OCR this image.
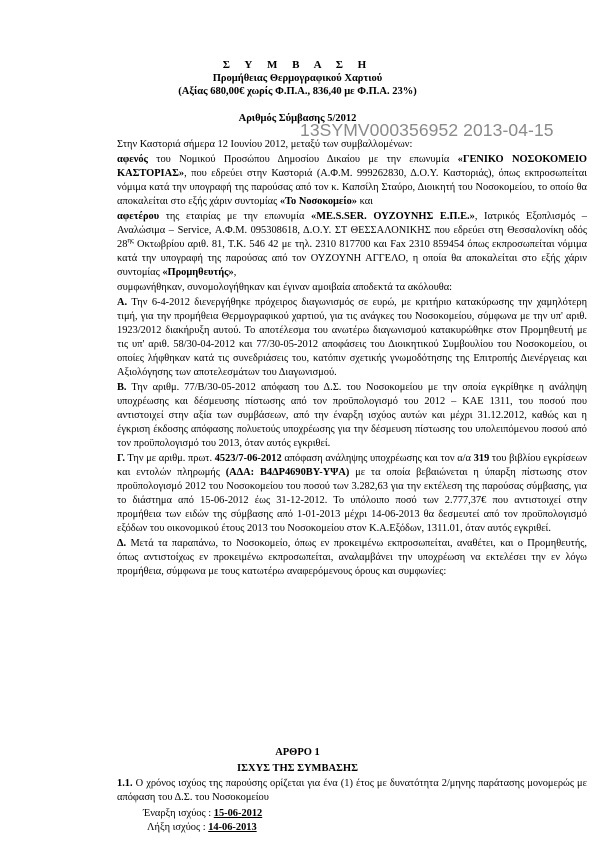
13SYMV000356952 2013-04-15
Σ Υ Μ Β Α Σ Η
Προμήθειας Θερμογραφικού Χαρτιού
(Αξίας 680,00€ χωρίς Φ.Π.Α., 836,40 με Φ.Π.Α. 23%)
Αριθμός Σύμβασης 5/2012

Στην Καστοριά σήμερα 12 Ιουνίου 2012, μεταξύ των συμβαλλομένων:

αφενός του Νομικού Προσώπου Δημοσίου Δικαίου με την επωνυμία «ΓΕΝΙΚΟ ΝΟΣΟΚΟΜΕΙΟ ΚΑΣΤΟΡΙΑΣ», που εδρεύει στην Καστοριά (Α.Φ.Μ. 999262830, Δ.Ο.Υ. Καστοριάς), όπως εκπροσωπείται νόμιμα κατά την υπογραφή της παρούσας από τον κ. Καπσίλη Σταύρο, Διοικητή του Νοσοκομείου, το οποίο θα αποκαλείται στο εξής χάριν συντομίας «Το Νοσοκομείο» και

αφετέρου της εταιρίας με την επωνυμία «ME.S.SER. ΟΥΖΟΥΝΗΣ Ε.Π.Ε.», Ιατρικός Εξοπλισμός – Αναλώσιμα – Service, Α.Φ.Μ. 095308618, Δ.Ο.Υ. ΣΤ ΘΕΣΣΑΛΟΝΙΚΗΣ που εδρεύει στη Θεσσαλονίκη οδός $28^{\eta\varsigma}$ Οκτωβρίου αριθ. 81, Τ.Κ. 546 42 με τηλ. 2310 817700 και Fax 2310 859454 όπως εκπροσωπείται νόμιμα κατά την υπογραφή της παρούσας από τον ΟΥΖΟΥΝΗ ΑΓΓΕΛΟ, η οποία θα αποκαλείται στο εξής χάριν συντομίας «Προμηθευτής»,

συμφωνήθηκαν, συνομολογήθηκαν και έγιναν αμοιβαία αποδεκτά τα ακόλουθα:

Α. Την 6-4-2012 διενεργήθηκε πρόχειρος διαγωνισμός σε ευρώ, με κριτήριο κατακύρωσης την χαμηλότερη τιμή, για την προμήθεια Θερμογραφικού χαρτιού, για τις ανάγκες του Νοσοκομείου, σύμφωνα με την υπ' αριθ. 1923/2012 διακήρυξη αυτού. Το αποτέλεσμα του ανωτέρω διαγωνισμού κατακυρώθηκε στον Προμηθευτή με τις υπ' αριθ. 58/30-04-2012 και 77/30-05-2012 αποφάσεις του Διοικητικού Συμβουλίου του Νοσοκομείου, οι οποίες λήφθηκαν κατά τις συνεδριάσεις του, κατόπιν σχετικής γνωμοδότησης της Επιτροπής Διενέργειας και Αξιολόγησης των αποτελεσμάτων του Διαγωνισμού.

Β. Την αριθμ. 77/Β/30-05-2012 απόφαση του Δ.Σ. του Νοσοκομείου με την οποία εγκρίθηκε η ανάληψη υποχρέωσης και δέσμευσης πίστωσης από τον προϋπολογισμό του 2012 – ΚΑΕ 1311, του ποσού που αντιστοιχεί στην αξία των συμβάσεων, από την έναρξη ισχύος αυτών και μέχρι 31.12.2012, καθώς και η έγκριση έκδοσης απόφασης πολυετούς υποχρέωσης για την δέσμευση πίστωσης του υπολειπόμενου ποσού από τον προϋπολογισμό του 2013, όταν αυτός εγκριθεί.

Γ. Την με αριθμ. πρωτ. 4523/7-06-2012 απόφαση ανάληψης υποχρέωσης και τον α/α 319 του βιβλίου εγκρίσεων και εντολών πληρωμής (ΑΔΑ: Β4ΔΡ4690ΒΥ-ΥΨΑ) με τα οποία βεβαιώνεται η ύπαρξη πίστωσης στον προϋπολογισμό 2012 του Νοσοκομείου του ποσού των 3.282,63 για την εκτέλεση της παρούσας σύμβασης, για το διάστημα από 15-06-2012 έως 31-12-2012. Το υπόλοιπο ποσό των 2.777,37€ που αντιστοιχεί στην προμήθεια των ειδών της σύμβασης από 1-01-2013 μέχρι 14-06-2013 θα δεσμευτεί από τον προϋπολογισμό εξόδων του οικονομικού έτους 2013 του Νοσοκομείου στον Κ.Α.Εξόδων, 1311.01, όταν αυτός εγκριθεί.

Δ. Μετά τα παραπάνω, το Νοσοκομείο, όπως εν προκειμένω εκπροσωπείται, αναθέτει, και ο Προμηθευτής, όπως αντιστοίχως εν προκειμένω εκπροσωπείται, αναλαμβάνει την υποχρέωση να εκτελέσει την εν λόγω προμήθεια, σύμφωνα με τους κατωτέρω αναφερόμενους όρους και συμφωνίες:

ΑΡΘΡΟ 1
ΙΣΧΥΣ ΤΗΣ ΣΥΜΒΑΣΗΣ
1.1. Ο χρόνος ισχύος της παρούσης ορίζεται για ένα (1) έτος με δυνατότητα 2/μηνης παράτασης μονομερώς με απόφαση του Δ.Σ. του Νοσοκομείου
Έναρξη ισχύος : 15-06-2012
Λήξη ισχύος : 14-06-2013
